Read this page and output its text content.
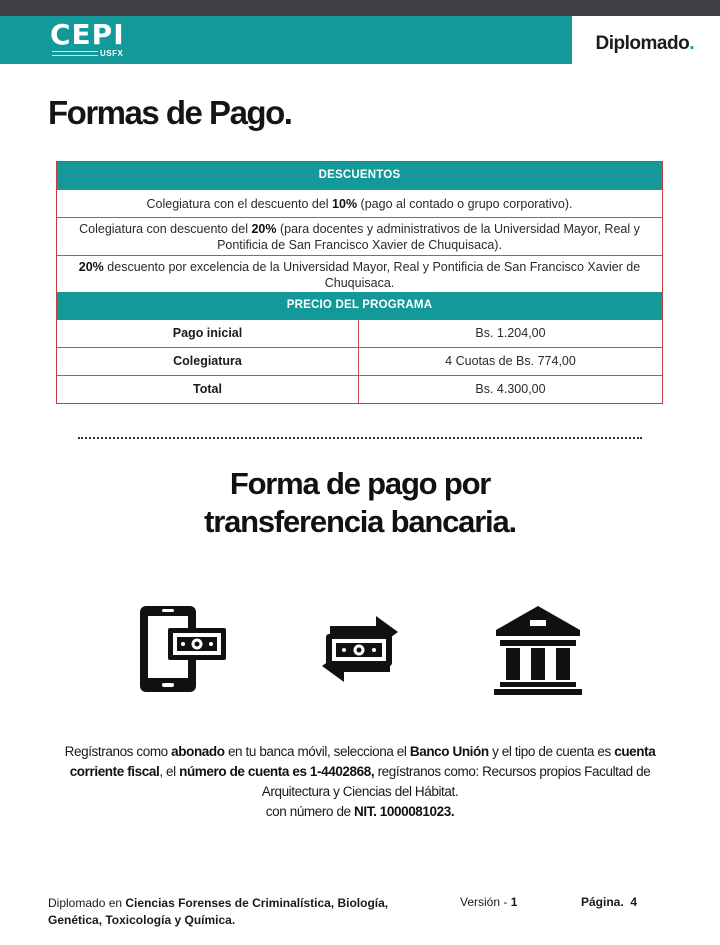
CEPI
USFX	Diplomado.
Formas de Pago.
DESCUENTOS
Colegiatura con el descuento del 10% (pago al contado o grupo corporativo).
Colegiatura con descuento del 20% (para docentes y administrativos de la Universidad Mayor, Real y Pontificia de San Francisco Xavier de Chuquisaca).
20% descuento por excelencia de la Universidad Mayor, Real y Pontificia de San Francisco Xavier de Chuquisaca.
PRECIO DEL PROGRAMA
Pago inicial	Bs. 1.204,00
Colegiatura	4 Cuotas de Bs. 774,00
Total	Bs. 4.300,00
Forma de pago por
transferencia bancaria.
Regístranos como abonado en tu banca móvil, selecciona el Banco Unión y el tipo de cuenta es cuenta corriente fiscal, el número de cuenta es 1-4402868, regístranos como: Recursos propios Facultad de Arquitectura y Ciencias del Hábitat.
con número de NIT. 1000081023.
Diplomado en Ciencias Forenses de Criminalística, Biología, Genética, Toxicología y Química.
Versión - 1	Página. 4
